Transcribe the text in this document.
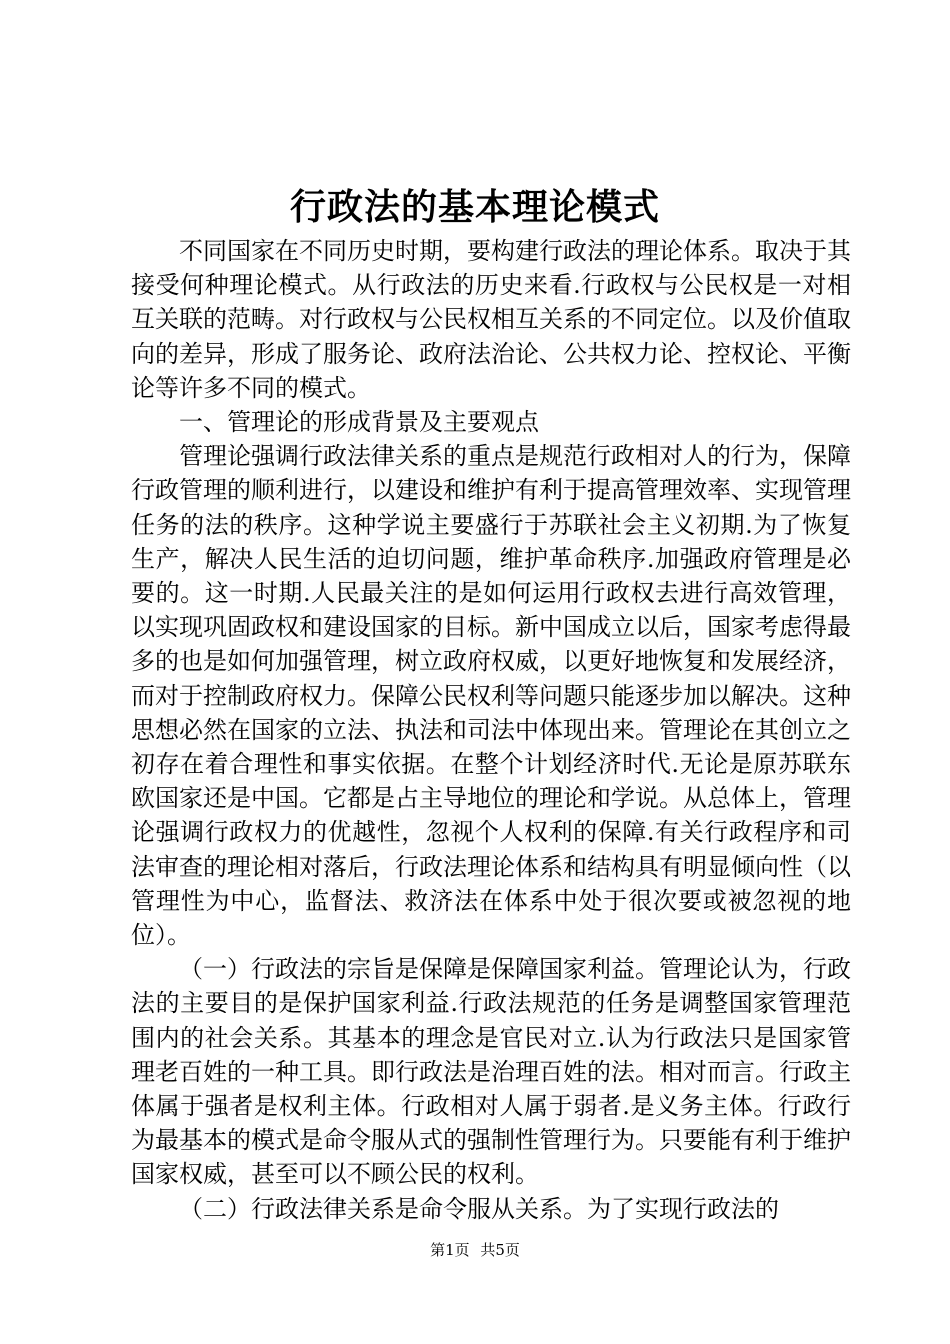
行政法的基本理论模式

不同国家在不同历史时期，要构建行政法的理论体系。取决于其接受何种理论模式。从行政法的历史来看.行政权与公民权是一对相互关联的范畴。对行政权与公民权相互关系的不同定位。以及价值取向的差异，形成了服务论、政府法治论、公共权力论、控权论、平衡论等许多不同的模式。

一、管理论的形成背景及主要观点

管理论强调行政法律关系的重点是规范行政相对人的行为，保障行政管理的顺利进行，以建设和维护有利于提高管理效率、实现管理任务的法的秩序。这种学说主要盛行于苏联社会主义初期.为了恢复生产，解决人民生活的迫切问题，维护革命秩序.加强政府管理是必要的。这一时期.人民最关注的是如何运用行政权去进行高效管理，以实现巩固政权和建设国家的目标。新中国成立以后，国家考虑得最多的也是如何加强管理，树立政府权威，以更好地恢复和发展经济，而对于控制政府权力。保障公民权利等问题只能逐步加以解决。这种思想必然在国家的立法、执法和司法中体现出来。管理论在其创立之初存在着合理性和事实依据。在整个计划经济时代.无论是原苏联东欧国家还是中国。它都是占主导地位的理论和学说。从总体上，管理论强调行政权力的优越性，忽视个人权利的保障.有关行政程序和司法审查的理论相对落后，行政法理论体系和结构具有明显倾向性（以管理性为中心，监督法、救济法在体系中处于很次要或被忽视的地位）。

（一）行政法的宗旨是保障是保障国家利益。管理论认为，行政法的主要目的是保护国家利益.行政法规范的任务是调整国家管理范围内的社会关系。其基本的理念是官民对立.认为行政法只是国家管理老百姓的一种工具。即行政法是治理百姓的法。相对而言。行政主体属于强者是权利主体。行政相对人属于弱者.是义务主体。行政行为最基本的模式是命令服从式的强制性管理行为。只要能有利于维护国家权威，甚至可以不顾公民的权利。

（二）行政法律关系是命令服从关系。为了实现行政法的

第1页 共5页
